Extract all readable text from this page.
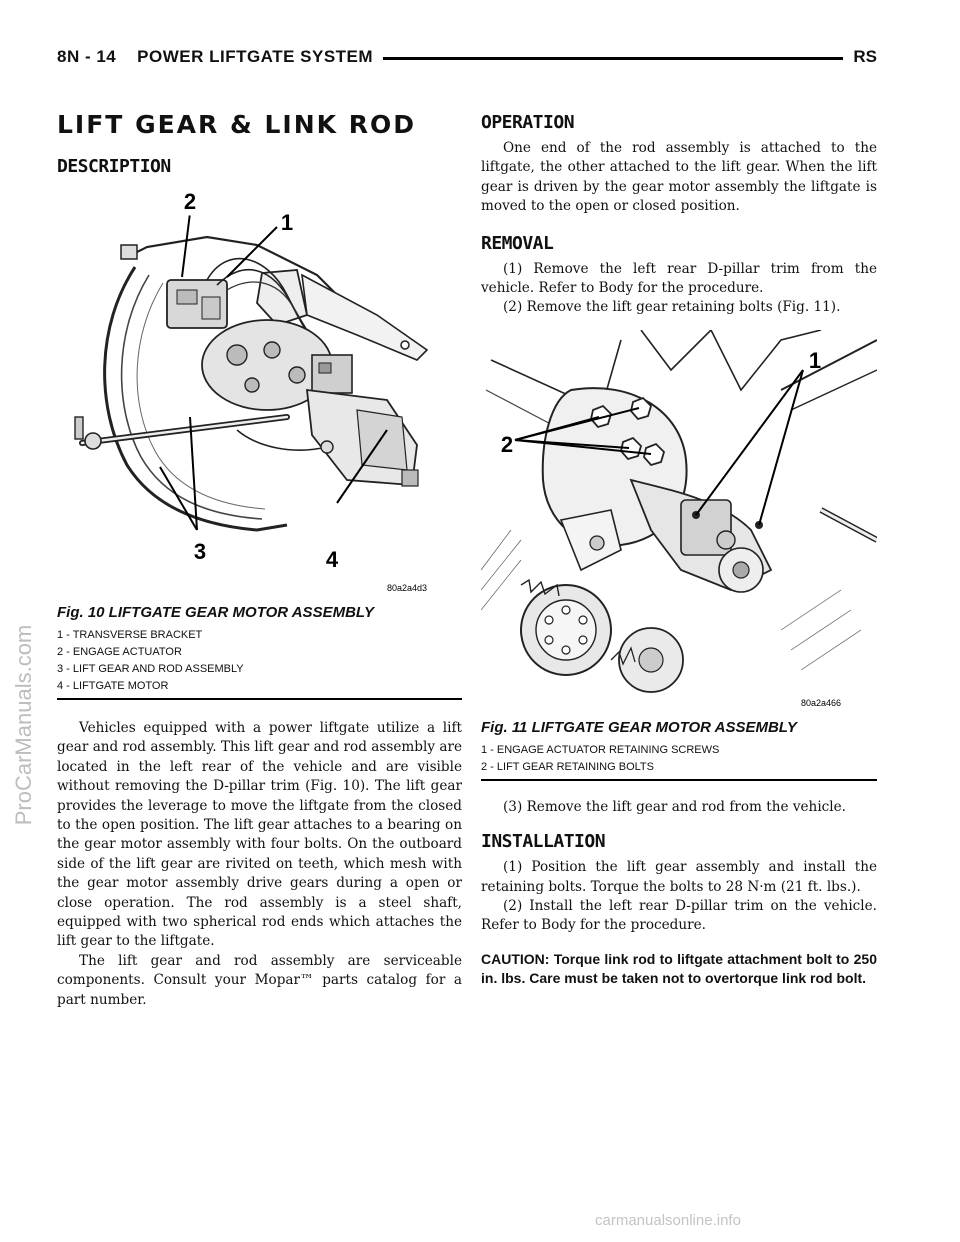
8N - 14    POWER LIFTGATE SYSTEM	RS
ProCarManuals.com
carmanualsonline.info
LIFT GEAR & LINK ROD
DESCRIPTION
2
1
3	4
80a2a4d3

Fig. 10 LIFTGATE GEAR MOTOR ASSEMBLY

1 - TRANSVERSE BRACKET

2 - ENGAGE ACTUATOR

3 - LIFT GEAR AND ROD ASSEMBLY

4 - LIFTGATE MOTOR

Vehicles equipped with a power liftgate utilize a lift gear and rod assembly. This lift gear and rod assembly are located in the left rear of the vehicle and are visible without removing the D-pillar trim (Fig. 10). The lift gear provides the leverage to move the liftgate from the closed to the open position. The lift gear attaches to a bearing on the gear motor assembly with four bolts. On the outboard side of the lift gear are rivited on teeth, which mesh with the gear motor assembly drive gears during a open or close operation. The rod assembly is a steel shaft, equipped with two spherical rod ends which attaches the lift gear to the liftgate.

The lift gear and rod assembly are serviceable components. Consult your Mopar™ parts catalog for a part number.

OPERATION

One end of the rod assembly is attached to the liftgate, the other attached to the lift gear. When the lift gear is driven by the gear motor assembly the liftgate is moved to the open or closed position.

REMOVAL

(1) Remove the left rear D-pillar trim from the vehicle. Refer to Body for the procedure.

(2) Remove the lift gear retaining bolts (Fig. 11).

1
2
80a2a466

Fig. 11 LIFTGATE GEAR MOTOR ASSEMBLY

1 - ENGAGE ACTUATOR RETAINING SCREWS

2 - LIFT GEAR RETAINING BOLTS

(3) Remove the lift gear and rod from the vehicle.

INSTALLATION

(1) Position the lift gear assembly and install the retaining bolts. Torque the bolts to 28 N·m (21 ft. lbs.).

(2) Install the left rear D-pillar trim on the vehicle. Refer to Body for the procedure.

CAUTION: Torque link rod to liftgate attachment bolt to 250 in. lbs. Care must be taken not to overtorque link rod bolt.
